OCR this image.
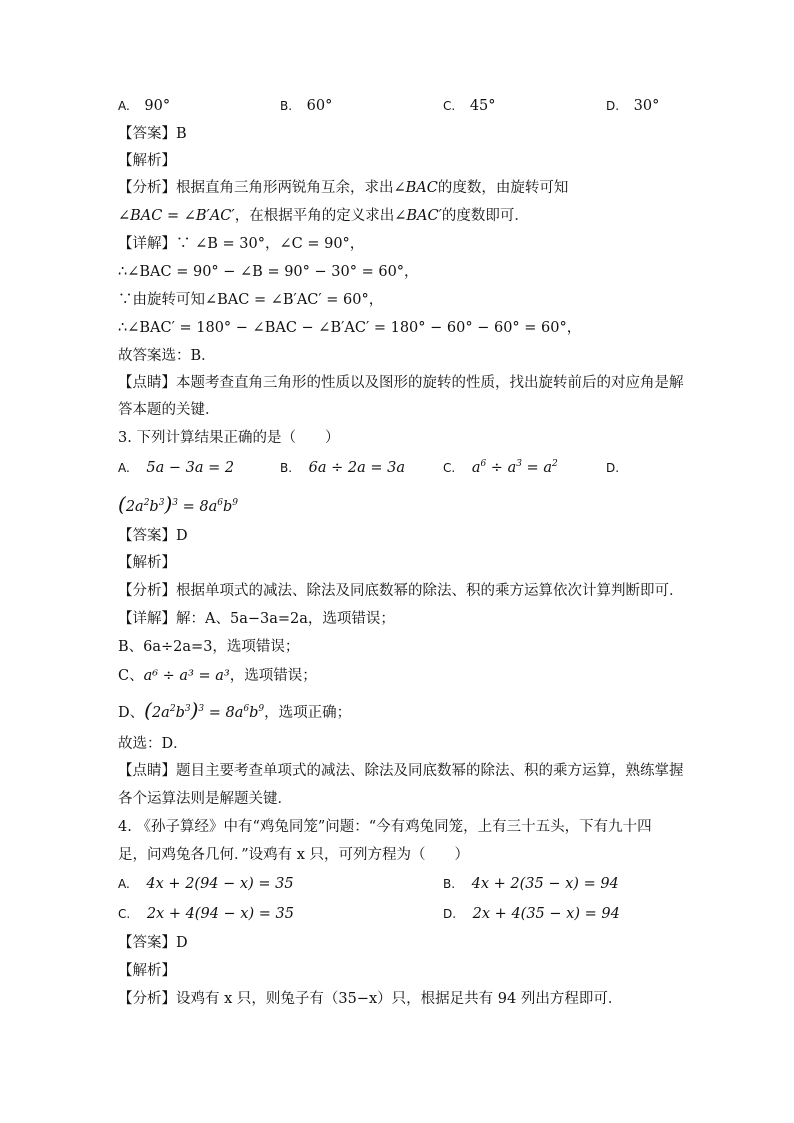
A. 90°	B. 60°	C. 45°	D. 30°
【答案】B
【解析】
【分析】根据直角三角形两锐角互余，求出∠BAC的度数，由旋转可知
∠BAC = ∠B′AC′，在根据平角的定义求出∠BAC′的度数即可．
【详解】∵ ∠B = 30°，∠C = 90°，
∴∠BAC = 90° − ∠B = 90° − 30° = 60°，
∵由旋转可知∠BAC = ∠B′AC′ = 60°，
∴∠BAC′ = 180° − ∠BAC − ∠B′AC′ = 180° − 60° − 60° = 60°，
故答案选：B．
【点睛】本题考查直角三角形的性质以及图形的旋转的性质，找出旋转前后的对应角是解
答本题的关键．
3. 下列计算结果正确的是（　　）
A. 5a − 3a = 2	B. 6a ÷ 2a = 3a	C. $a^6 \div a^3 = a^2$	D.
$(2a^2b^3)^3 = 8a^6b^9$
【答案】D
【解析】
【分析】根据单项式的减法、除法及同底数幂的除法、积的乘方运算依次计算判断即可．
【详解】解：A、5a−3a=2a，选项错误；
B、6a÷2a=3，选项错误；
C、a⁶ ÷ a³ = a³，选项错误；
D、$(2a^2b^3)^3 = 8a^6b^9$，选项正确；
故选：D．
【点睛】题目主要考查单项式的减法、除法及同底数幂的除法、积的乘方运算，熟练掌握
各个运算法则是解题关键．
4. 《孙子算经》中有“鸡兔同笼”问题：“今有鸡兔同笼，上有三十五头，下有九十四
足，问鸡兔各几何．”设鸡有 x 只，可列方程为（　　）
A. 4x + 2(94 − x) = 35	B. 4x + 2(35 − x) = 94
C. 2x + 4(94 − x) = 35	D. 2x + 4(35 − x) = 94
【答案】D
【解析】
【分析】设鸡有 x 只，则兔子有（35−x）只，根据足共有 94 列出方程即可．
